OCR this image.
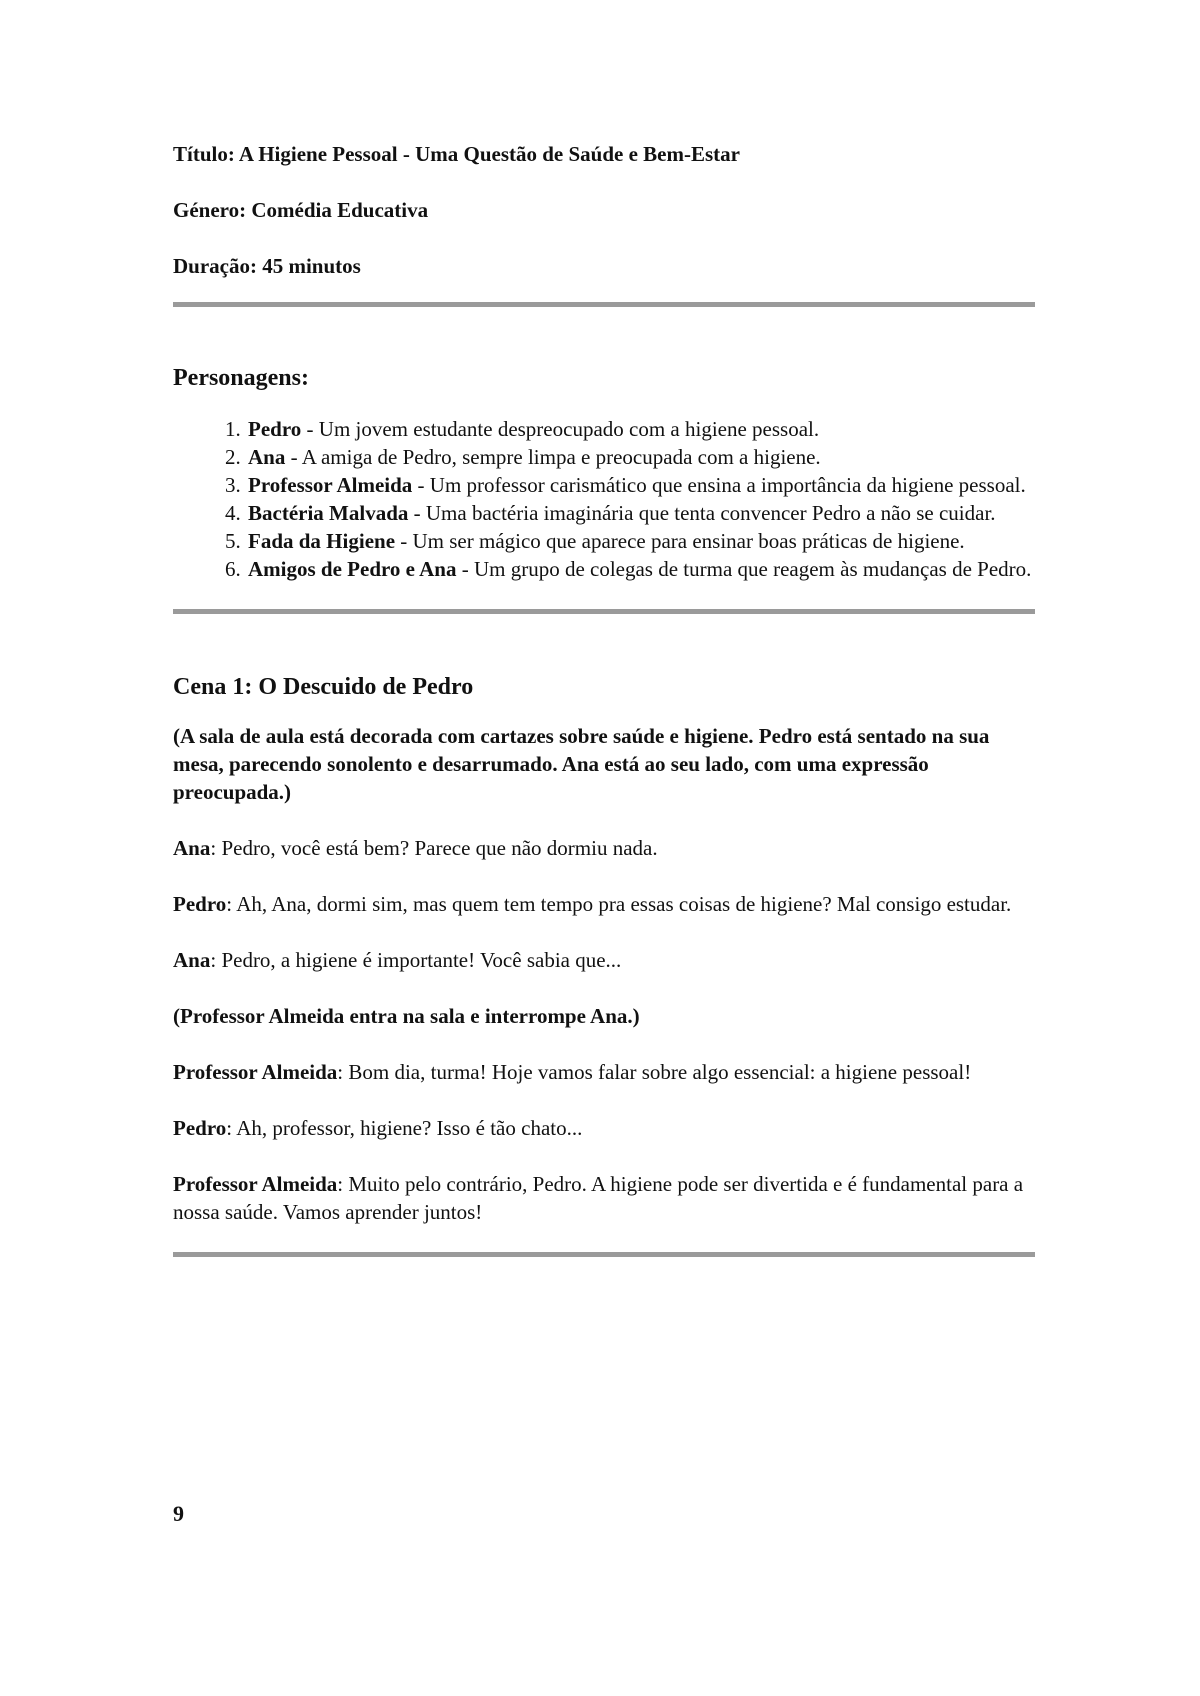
Título: A Higiene Pessoal - Uma Questão de Saúde e Bem-Estar
Género: Comédia Educativa
Duração: 45 minutos
Personagens:
1. Pedro - Um jovem estudante despreocupado com a higiene pessoal.
2. Ana - A amiga de Pedro, sempre limpa e preocupada com a higiene.
3. Professor Almeida - Um professor carismático que ensina a importância da higiene pessoal.
4. Bactéria Malvada - Uma bactéria imaginária que tenta convencer Pedro a não se cuidar.
5. Fada da Higiene - Um ser mágico que aparece para ensinar boas práticas de higiene.
6. Amigos de Pedro e Ana - Um grupo de colegas de turma que reagem às mudanças de Pedro.
Cena 1: O Descuido de Pedro

(A sala de aula está decorada com cartazes sobre saúde e higiene. Pedro está sentado na sua mesa, parecendo sonolento e desarrumado. Ana está ao seu lado, com uma expressão preocupada.)

Ana: Pedro, você está bem? Parece que não dormiu nada.

Pedro: Ah, Ana, dormi sim, mas quem tem tempo pra essas coisas de higiene? Mal consigo estudar.

Ana: Pedro, a higiene é importante! Você sabia que...

(Professor Almeida entra na sala e interrompe Ana.)

Professor Almeida: Bom dia, turma! Hoje vamos falar sobre algo essencial: a higiene pessoal!

Pedro: Ah, professor, higiene? Isso é tão chato...

Professor Almeida: Muito pelo contrário, Pedro. A higiene pode ser divertida e é fundamental para a nossa saúde. Vamos aprender juntos!

9
